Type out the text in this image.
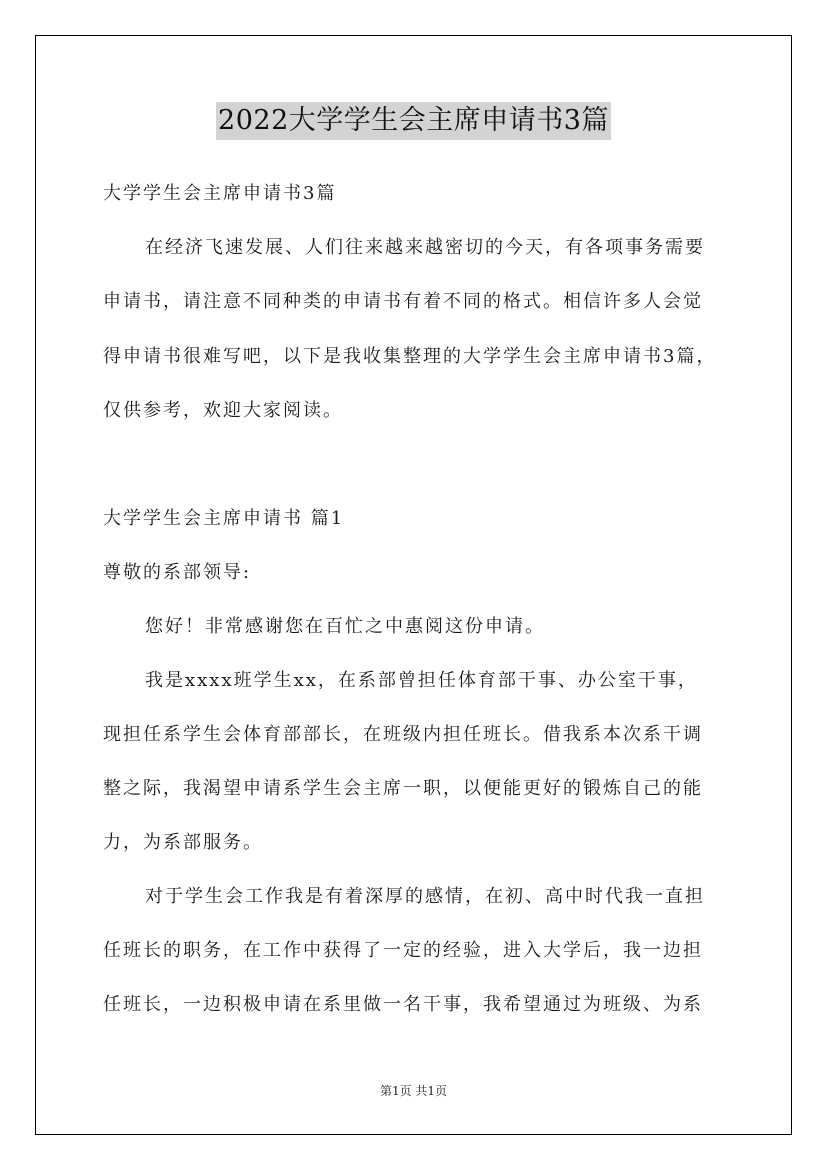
2022大学学生会主席申请书3篇
大学学生会主席申请书3篇
在经济飞速发展、人们往来越来越密切的今天，有各项事务需要
申请书，请注意不同种类的申请书有着不同的格式。相信许多人会觉
得申请书很难写吧，以下是我收集整理的大学学生会主席申请书3篇，
仅供参考，欢迎大家阅读。
大学学生会主席申请书 篇1
尊敬的系部领导:
您好！非常感谢您在百忙之中惠阅这份申请。
我是xxxx班学生xx，在系部曾担任体育部干事、办公室干事，
现担任系学生会体育部部长，在班级内担任班长。借我系本次系干调
整之际，我渴望申请系学生会主席一职，以便能更好的锻炼自己的能
力，为系部服务。
对于学生会工作我是有着深厚的感情，在初、高中时代我一直担
任班长的职务，在工作中获得了一定的经验，进入大学后，我一边担
任班长，一边积极申请在系里做一名干事，我希望通过为班级、为系
第1页 共1页
